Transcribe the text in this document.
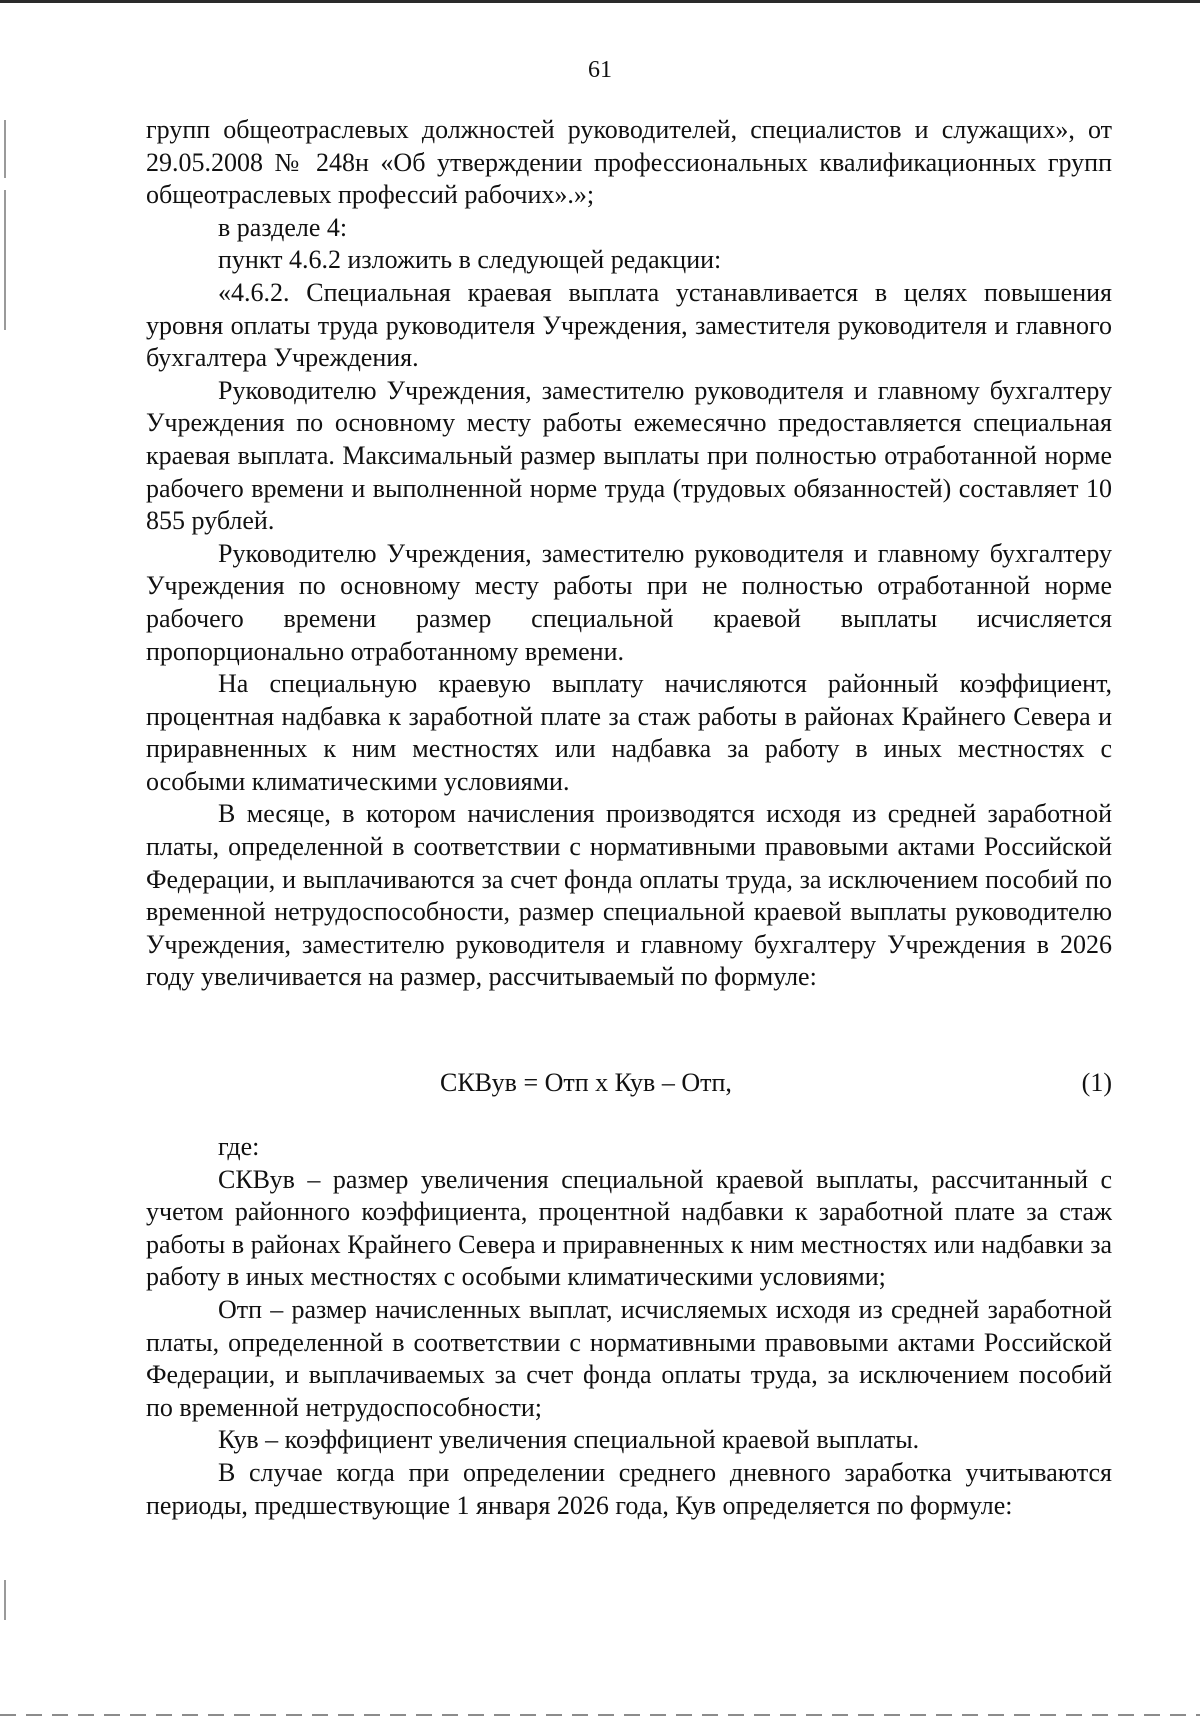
61

групп общеотраслевых должностей руководителей, специалистов и служащих», от 29.05.2008 № 248н «Об утверждении профессиональных квалификационных групп общеотраслевых профессий рабочих».»;

в разделе 4:

пункт 4.6.2 изложить в следующей редакции:

«4.6.2. Специальная краевая выплата устанавливается в целях повышения уровня оплаты труда руководителя Учреждения, заместителя руководителя и главного бухгалтера Учреждения.

Руководителю Учреждения, заместителю руководителя и главному бухгалтеру Учреждения по основному месту работы ежемесячно предоставляется специальная краевая выплата. Максимальный размер выплаты при полностью отработанной норме рабочего времени и выполненной норме труда (трудовых обязанностей) составляет 10 855 рублей.

Руководителю Учреждения, заместителю руководителя и главному бухгалтеру Учреждения по основному месту работы при не полностью отработанной норме рабочего времени размер специальной краевой выплаты исчисляется пропорционально отработанному времени.

На специальную краевую выплату начисляются районный коэффициент, процентная надбавка к заработной плате за стаж работы в районах Крайнего Севера и приравненных к ним местностях или надбавка за работу в иных местностях с особыми климатическими условиями.

В месяце, в котором начисления производятся исходя из средней заработной платы, определенной в соответствии с нормативными правовыми актами Российской Федерации, и выплачиваются за счет фонда оплаты труда, за исключением пособий по временной нетрудоспособности, размер специальной краевой выплаты руководителю Учреждения, заместителю руководителя и главному бухгалтеру Учреждения в 2026 году увеличивается на размер, рассчитываемый по формуле:

СКВув = Отп х Кув – Отп,	(1)

где:

СКВув – размер увеличения специальной краевой выплаты, рассчитанный с учетом районного коэффициента, процентной надбавки к заработной плате за стаж работы в районах Крайнего Севера и приравненных к ним местностях или надбавки за работу в иных местностях с особыми климатическими условиями;

Отп – размер начисленных выплат, исчисляемых исходя из средней заработной платы, определенной в соответствии с нормативными правовыми актами Российской Федерации, и выплачиваемых за счет фонда оплаты труда, за исключением пособий по временной нетрудоспособности;

Кув – коэффициент увеличения специальной краевой выплаты.

В случае когда при определении среднего дневного заработка учитываются периоды, предшествующие 1 января 2026 года, Кув определяется по формуле:
